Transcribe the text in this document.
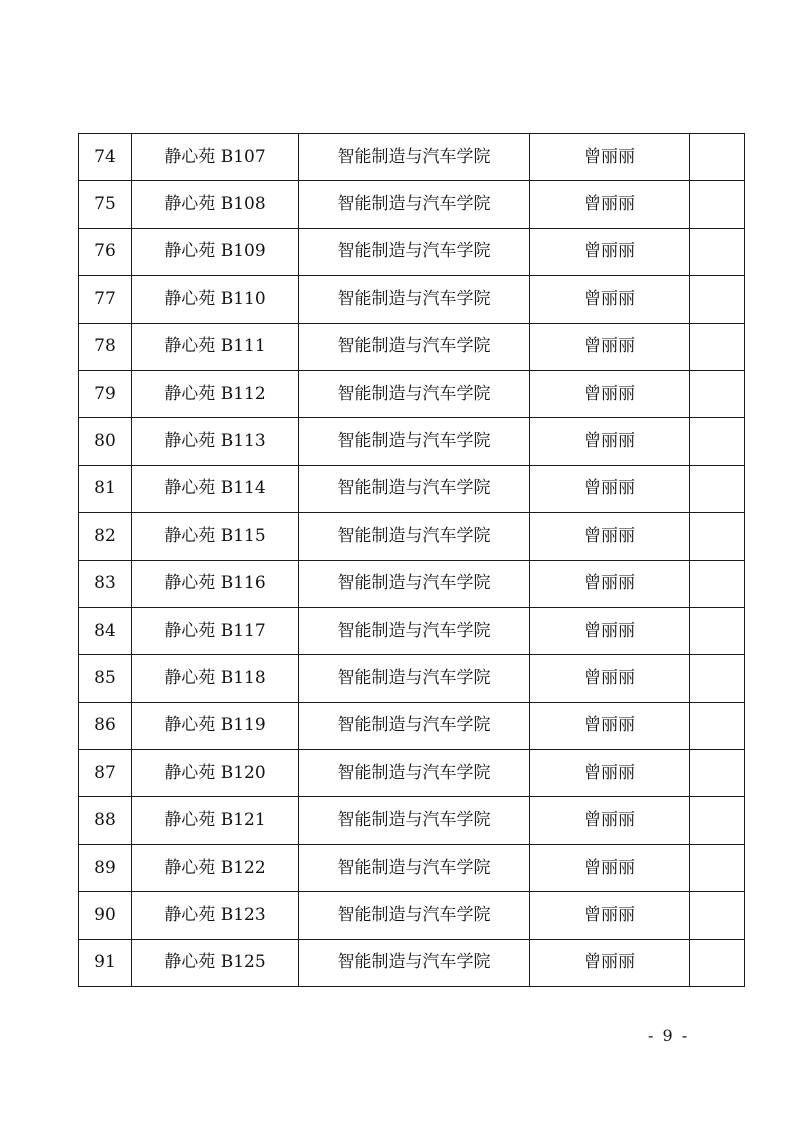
74	静心苑 B107	智能制造与汽车学院	曾丽丽	
75	静心苑 B108	智能制造与汽车学院	曾丽丽	
76	静心苑 B109	智能制造与汽车学院	曾丽丽	
77	静心苑 B110	智能制造与汽车学院	曾丽丽	
78	静心苑 B111	智能制造与汽车学院	曾丽丽	
79	静心苑 B112	智能制造与汽车学院	曾丽丽	
80	静心苑 B113	智能制造与汽车学院	曾丽丽	
81	静心苑 B114	智能制造与汽车学院	曾丽丽	
82	静心苑 B115	智能制造与汽车学院	曾丽丽	
83	静心苑 B116	智能制造与汽车学院	曾丽丽	
84	静心苑 B117	智能制造与汽车学院	曾丽丽	
85	静心苑 B118	智能制造与汽车学院	曾丽丽	
86	静心苑 B119	智能制造与汽车学院	曾丽丽	
87	静心苑 B120	智能制造与汽车学院	曾丽丽	
88	静心苑 B121	智能制造与汽车学院	曾丽丽	
89	静心苑 B122	智能制造与汽车学院	曾丽丽	
90	静心苑 B123	智能制造与汽车学院	曾丽丽	
91	静心苑 B125	智能制造与汽车学院	曾丽丽	
- 9 -
